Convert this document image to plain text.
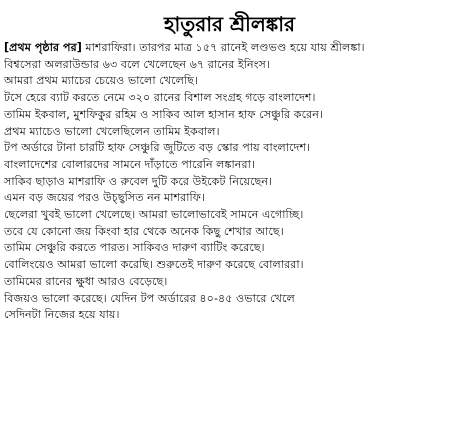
হাতুরার শ্রীলঙ্কার
[প্রথম পৃষ্ঠার পর] মাশরাফিরা। তারপর মাত্র ১৫৭ রানেই লণ্ডভণ্ড হয়ে যায় শ্রীলঙ্কা।
বিশ্বসেরা অলরাউন্ডার ৬৩ বলে খেলেছেন ৬৭ রানের ইনিংস।
আমরা প্রথম ম্যাচের চেয়েও ভালো খেলেছি।
টসে হেরে ব্যাট করতে নেমে ৩২০ রানের বিশাল সংগ্রহ গড়ে বাংলাদেশ।
তামিম ইকবাল, মুশফিকুর রহিম ও সাকিব আল হাসান হাফ সেঞ্চুরি করেন।
প্রথম ম্যাচেও ভালো খেলেছিলেন তামিম ইকবাল।
টপ অর্ডারে টানা চারটি হাফ সেঞ্চুরি জুটিতে বড় স্কোর পায় বাংলাদেশ।
বাংলাদেশের বোলারদের সামনে দাঁড়াতে পারেনি লঙ্কানরা।
সাকিব ছাড়াও মাশরাফি ও রুবেল দুটি করে উইকেট নিয়েছেন।
এমন বড় জয়ের পরও উচ্ছ্বসিত নন মাশরাফি।
ছেলেরা খুবই ভালো খেলেছে। আমরা ভালোভাবেই সামনে এগোচ্ছি।
তবে যে কোনো জয় কিংবা হার থেকে অনেক কিছু শেখার আছে।
তামিম সেঞ্চুরি করতে পারত। সাকিবও দারুণ ব্যাটিং করেছে।
বোলিংয়েও আমরা ভালো করেছি। শুরুতেই দারুণ করেছে বোলাররা।
তামিমের রানের ক্ষুধা আরও বেড়েছে।
বিজয়ও ভালো করেছে। যেদিন টপ অর্ডারের ৪০-৪৫ ওভারে খেলে
সেদিনটা নিজের হয়ে যায়।
